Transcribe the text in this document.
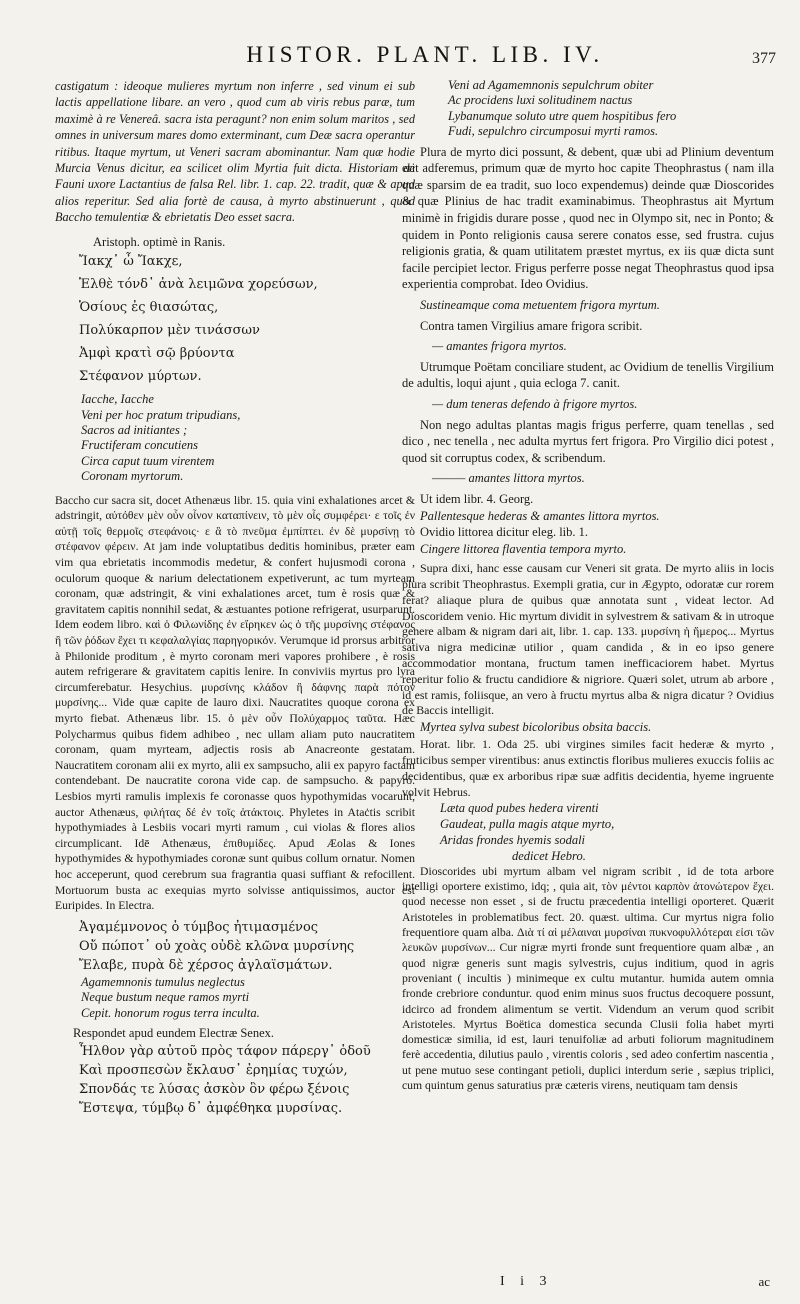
HISTOR. PLANT. LIB. IV.	377

castigatum : ideoque mulieres myrtum non inferre , sed vinum ei sub lactis appellatione libare. an vero , quod cum ab viris rebus paræ, tum maximè à re Venereâ. sacra ista peragunt? non enim solum maritos , sed omnes in universum mares domo exterminant, cum Deæ sacra operantur ritibus. Itaque myrtum, ut Veneri sacram abominantur. Nam quæ hodie Murcia Venus dicitur, ea scilicet olim Myrtia fuit dicta. Historiam de Fauni uxore Lactantius de falsa Rel. libr. 1. cap. 22. tradit, quæ & apud alios reperitur. Sed alia fortè de causa, à myrto abstinuerunt , quod Baccho temulentiæ & ebrietatis Deo esset sacra.

Aristoph. optimè in Ranis.

Ἴακχ᾽ ὦ Ἴακχε,
Ἐλθὲ τόνδ᾽ ἀνὰ λειμῶνα χορεύσων,
Ὁσίους ἐς θιασώτας,
Πολύκαρπον μὲν τινάσσων
Ἀμφὶ κρατὶ σῷ βρύοντα
Στέφανον μύρτων.
Iacche, Iacche
Veni per hoc pratum tripudians,
Sacros ad initiantes ;
Fructiferam concutiens
Circa caput tuum virentem
Coronam myrtorum.

Baccho cur sacra sit, docet Athenæus libr. 15. quia vini exhalationes arcet & adstringit, αὐτόθεν μὲν οὖν οἶνον καταπίνειν, τὸ μὲν οἶς συμφέρει· ε τοῖς ἐν αὐτῇ τοῖς θερμοῖς στεφάνοις· ε ἃ τὸ πνεῦμα ἐμπίπτει. ἐν δὲ μυρσίνῃ τὸ στέφανον φέρειν. At jam inde voluptatibus deditis hominibus, præter eam vim qua ebrietatis incommodis medetur, & confert hujusmodi corona , oculorum quoque & narium delectationem expetiverunt, ac tum myrteam coronam, quæ adstringit, & vini exhalationes arcet, tum è rosis quæ & gravitatem capitis nonnihil sedat, & æstuantes potione refrigerat, usurparunt. Idem eodem libro. καὶ ὁ Φιλωνίδης ἐν εἴρηκεν ὡς ὁ τῆς μυρσίνης στέφανος ἢ τῶν ῥόδων ἔχει τι κεφαλαλγίας παρηγορικόν. Verumque id prorsus arbitror à Philonide proditum , è myrto coronam meri vapores prohibere , è rosis autem refrigerare & gravitatem capitis lenire. In conviviis myrtus pro lyra circumferebatur. Hesychius. μυρσίνης κλάδον ἢ δάφνης παρὰ πότον μυρσίνης... Vide quæ capite de lauro dixi. Naucratites quoque corona ex myrto fiebat. Athenæus libr. 15. ὁ μὲν οὖν Πολύχαρμος ταῦτα. Hæc Polycharmus quibus fidem adhibeo , nec ullam aliam puto naucratitem coronam, quam myrteam, adjectis rosis ab Anacreonte gestatam. Naucratitem coronam alii ex myrto, alii ex sampsucho, alii ex papyro factam contendebant. De naucratite corona vide cap. de sampsucho. & papyro. Lesbios myrti ramulis implexis fe coronasse quos hypothymidas vocarunt, auctor Athenæus, φιλήτας δέ ἐν τοῖς ἀτάκτοις. Phyletes in Ataċtis scribit hypothymiades à Lesbiis vocari myrti ramum , cui violas & flores alios circumplicant. Idē Athenæus, ἐπιθυμίδες. Apud Æolas & Iones hypothymides & hypothymiades coronæ sunt quibus collum ornatur. Nomen hoc acceperunt, quod cerebrum sua fragrantia quasi suffiant & refocillent. Mortuorum busta ac exequias myrto solvisse antiquissimos, auctor est Euripides. In Electra.

Ἀγαμέμνονος ὁ τύμβος ἠτιμασμένος
Οὔ πώποτ᾽ οὐ χοὰς οὐδὲ κλῶνα μυρσίνης
Ἔλαβε, πυρὰ δὲ χέρσος ἀγλαϊσμάτων.
Agamemnonis tumulus neglectus
Neque bustum neque ramos myrti
Cepit. honorum rogus terra inculta.

Respondet apud eundem Electræ Senex.

Ἦλθον γὰρ αὐτοῦ πρὸς τάφον πάρεργ᾽ ὁδοῦ
Καὶ προσπεσὼν ἔκλαυσ᾽ ἐρημίας τυχών,
Σπονδάς τε λύσας ἀσκὸν ὃν φέρω ξένοις
Ἔστεψα, τύμβῳ δ᾽ ἀμφέθηκα μυρσίνας.
Veni ad Agamemnonis sepulchrum obiter
Ac procidens luxi solitudinem nactus
Lybanumque soluto utre quem hospitibus fero
Fudi, sepulchro circumposui myrti ramos.

Plura de myrto dici possunt, & debent, quæ ubi ad Plinium deventum erit adferemus, primum quæ de myrto hoc capite Theophrastus ( nam illa quæ sparsim de ea tradit, suo loco expendemus) deinde quæ Dioscorides & quæ Plinius de hac tradit examinabimus. Theophrastus ait Myrtum minimè in frigidis durare posse , quod nec in Olympo sit, nec in Ponto; & quidem in Ponto religionis causa serere conatos esse, sed frustra. cujus religionis gratia, & quam utilitatem præstet myrtus, ex iis quæ dicta sunt facile percipiet lector. Frigus perferre posse negat Theophrastus quod ipsa experientia comprobat. Ideo Ovidius.

Sustineamque coma metuentem frigora myrtum.

Contra tamen Virgilius amare frigora scribit.

— amantes frigora myrtos.

Utrumque Poëtam conciliare student, ac Ovidium de tenellis Virgilium de adultis, loqui ajunt , quia ecloga 7. canit.

— dum teneras defendo à frigore myrtos.

Non nego adultas plantas magis frigus perferre, quam tenellas , sed dico , nec tenella , nec adulta myrtus fert frigora. Pro Virgilio dici potest , quod sit corruptus codex, & scribendum.

——— amantes littora myrtos.

Ut idem libr. 4. Georg.

Pallentesque hederas & amantes littora myrtos.

Ovidio littorea dicitur eleg. lib. 1.

Cingere littorea flaventia tempora myrto.

Supra dixi, hanc esse causam cur Veneri sit grata. De myrto aliis in locis plura scribit Theophrastus. Exempli gratia, cur in Ægypto, odoratæ cur rorem ferat? aliaque plura de quibus quæ annotata sunt , videat lector. Ad Dioscoridem venio. Hic myrtum dividit in sylvestrem & sativam & in utroque genere albam & nigram dari ait, libr. 1. cap. 133. μυρσίνη ἡ ἥμερος... Myrtus sativa nigra medicinæ utilior , quam candida , & in eo ipso genere accommodatior montana, fructum tamen inefficaciorem habet. Myrtus reperitur folio & fructu candidiore & nigriore. Quæri solet, utrum ab arbore , id est ramis, foliisque, an vero à fructu myrtus alba & nigra dicatur ? Ovidius de Baccis intelligit.

Myrtea sylva subest bicoloribus obsita baccis.

Horat. libr. 1. Oda 25. ubi virgines similes facit hederæ & myrto , fruticibus semper virentibus: anus extinctis floribus mulieres exuccis foliis ac decidentibus, quæ ex arboribus ripæ suæ adfitis decidentia, hyeme ingruente volvit Hebrus.

Læta quod pubes hedera virenti
Gaudeat, pulla magis atque myrto,
Aridas frondes hyemis sodali
dedicet Hebro.

Dioscorides ubi myrtum albam vel nigram scribit , id de tota arbore intelligi oportere existimo, idq; , quia ait, τὸν μέντοι καρπὸν ἀτονώτερον ἔχει. quod necesse non esset , si de fructu præcedentia intelligi oporteret. Quærit Aristoteles in problematibus fect. 20. quæst. ultima. Cur myrtus nigra folio frequentiore quam alba. Διὰ τί αἱ μέλαιναι μυρσίναι πυκνοφυλλότεραι εἰσι τῶν λευκῶν μυρσίνων... Cur nigræ myrti fronde sunt frequentiore quam albæ , an quod nigræ generis sunt magis sylvestris, cujus inditium, quod in agris proveniant ( incultis ) minimeque ex cultu mutantur. humida autem omnia fronde crebriore conduntur. quod enim minus suos fructus decoquere possunt, idcirco ad frondem alimentum se vertit. Videndum an verum quod scribit Aristoteles. Myrtus Boëtica domestica secunda Clusii folia habet myrti domesticæ similia, id est, lauri tenuifoliæ ad arbuti foliorum magnitudinem ferè accedentia, dilutius paulo , virentis coloris , sed adeo confertim nascentia , ut pene mutuo sese contingant petioli, duplici interdum serie , sæpius triplici, cum quintum genus saturatius præ cæteris virens, neutiquam tam densis

I i 3	ac
